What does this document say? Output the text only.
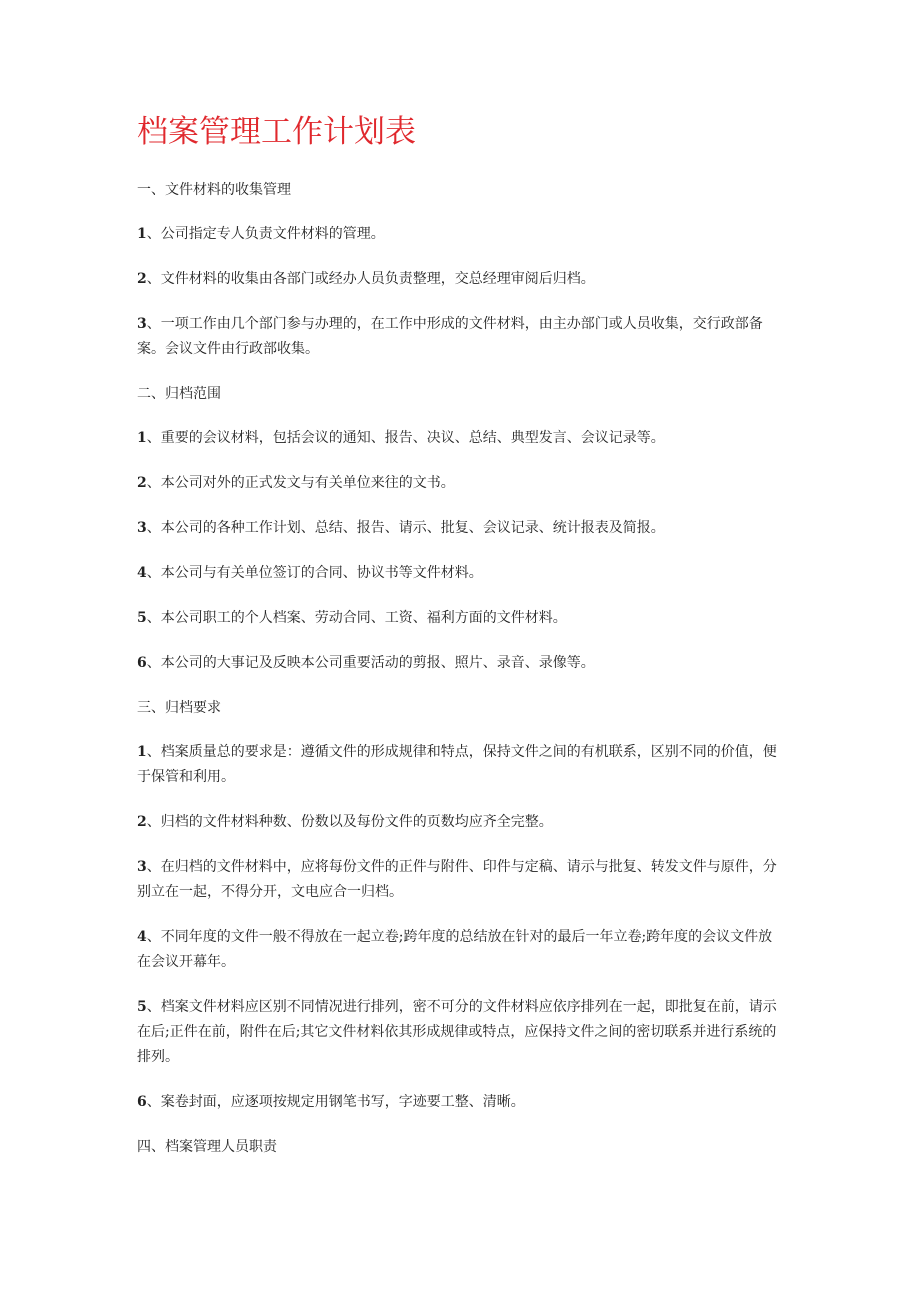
档案管理工作计划表

一、文件材料的收集管理

1、公司指定专人负责文件材料的管理。

2、文件材料的收集由各部门或经办人员负责整理，交总经理审阅后归档。

3、一项工作由几个部门参与办理的，在工作中形成的文件材料，由主办部门或人员收集，交行政部备案。会议文件由行政部收集。

二、归档范围

1、重要的会议材料，包括会议的通知、报告、决议、总结、典型发言、会议记录等。

2、本公司对外的正式发文与有关单位来往的文书。

3、本公司的各种工作计划、总结、报告、请示、批复、会议记录、统计报表及简报。

4、本公司与有关单位签订的合同、协议书等文件材料。

5、本公司职工的个人档案、劳动合同、工资、福利方面的文件材料。

6、本公司的大事记及反映本公司重要活动的剪报、照片、录音、录像等。

三、归档要求

1、档案质量总的要求是：遵循文件的形成规律和特点，保持文件之间的有机联系，区别不同的价值，便于保管和利用。

2、归档的文件材料种数、份数以及每份文件的页数均应齐全完整。

3、在归档的文件材料中，应将每份文件的正件与附件、印件与定稿、请示与批复、转发文件与原件，分别立在一起，不得分开，文电应合一归档。

4、不同年度的文件一般不得放在一起立卷;跨年度的总结放在针对的最后一年立卷;跨年度的会议文件放在会议开幕年。

5、档案文件材料应区别不同情况进行排列，密不可分的文件材料应依序排列在一起，即批复在前，请示在后;正件在前，附件在后;其它文件材料依其形成规律或特点，应保持文件之间的密切联系并进行系统的排列。

6、案卷封面，应逐项按规定用钢笔书写，字迹要工整、清晰。

四、档案管理人员职责
